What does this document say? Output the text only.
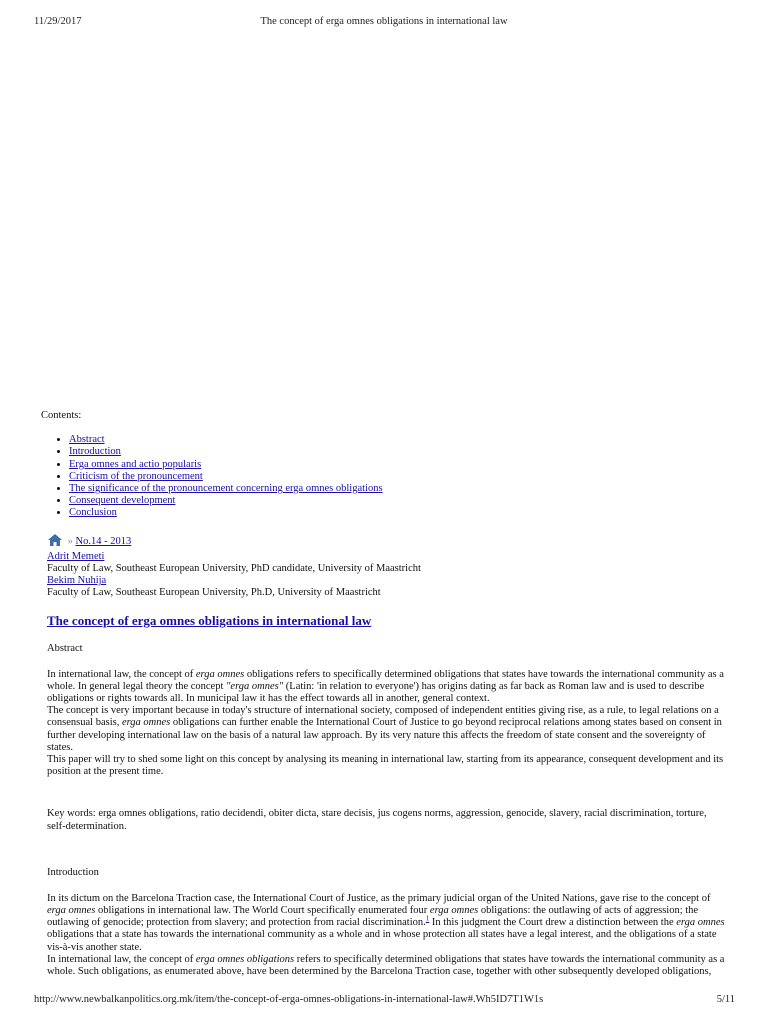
11/29/2017	The concept of erga omnes obligations in international law
Contents:
• Abstract
• Introduction
• Erga omnes and actio popularis
• Criticism of the pronouncement
• The significance of the pronouncement concerning erga omnes obligations
• Consequent development
• Conclusion
» No.14 - 2013
Adrit Memeti
Faculty of Law, Southeast European University, PhD candidate, University of Maastricht
Bekim Nuhija
Faculty of Law, Southeast European University, Ph.D, University of Maastricht
The concept of erga omnes obligations in international law
Abstract

In international law, the concept of erga omnes obligations refers to specifically determined obligations that states have towards the international community as a whole. In general legal theory the concept "erga omnes" (Latin: 'in relation to everyone') has origins dating as far back as Roman law and is used to describe obligations or rights towards all. In municipal law it has the effect towards all in another, general context.

The concept is very important because in today's structure of international society, composed of independent entities giving rise, as a rule, to legal relations on a consensual basis, erga omnes obligations can further enable the International Court of Justice to go beyond reciprocal relations among states based on consent in further developing international law on the basis of a natural law approach. By its very nature this affects the freedom of state consent and the sovereignty of states.

This paper will try to shed some light on this concept by analysing its meaning in international law, starting from its appearance, consequent development and its position at the present time.

Key words: erga omnes obligations, ratio decidendi, obiter dicta, stare decisis, jus cogens norms, aggression, genocide, slavery, racial discrimination, torture, self-determination.

Introduction

In its dictum on the Barcelona Traction case, the International Court of Justice, as the primary judicial organ of the United Nations, gave rise to the concept of erga omnes obligations in international law. The World Court specifically enumerated four erga omnes obligations: the outlawing of acts of aggression; the outlawing of genocide; protection from slavery; and protection from racial discrimination.$^1$ In this judgment the Court drew a distinction between the erga omnes obligations that a state has towards the international community as a whole and in whose protection all states have a legal interest, and the obligations of a state vis-à-vis another state.

In international law, the concept of erga omnes obligations refers to specifically determined obligations that states have towards the international community as a whole. Such obligations, as enumerated above, have been determined by the Barcelona Traction case, together with other subsequently developed obligations,

http://www.newbalkanpolitics.org.mk/item/the-concept-of-erga-omnes-obligations-in-international-law#.Wh5ID7T1W1s	5/11
